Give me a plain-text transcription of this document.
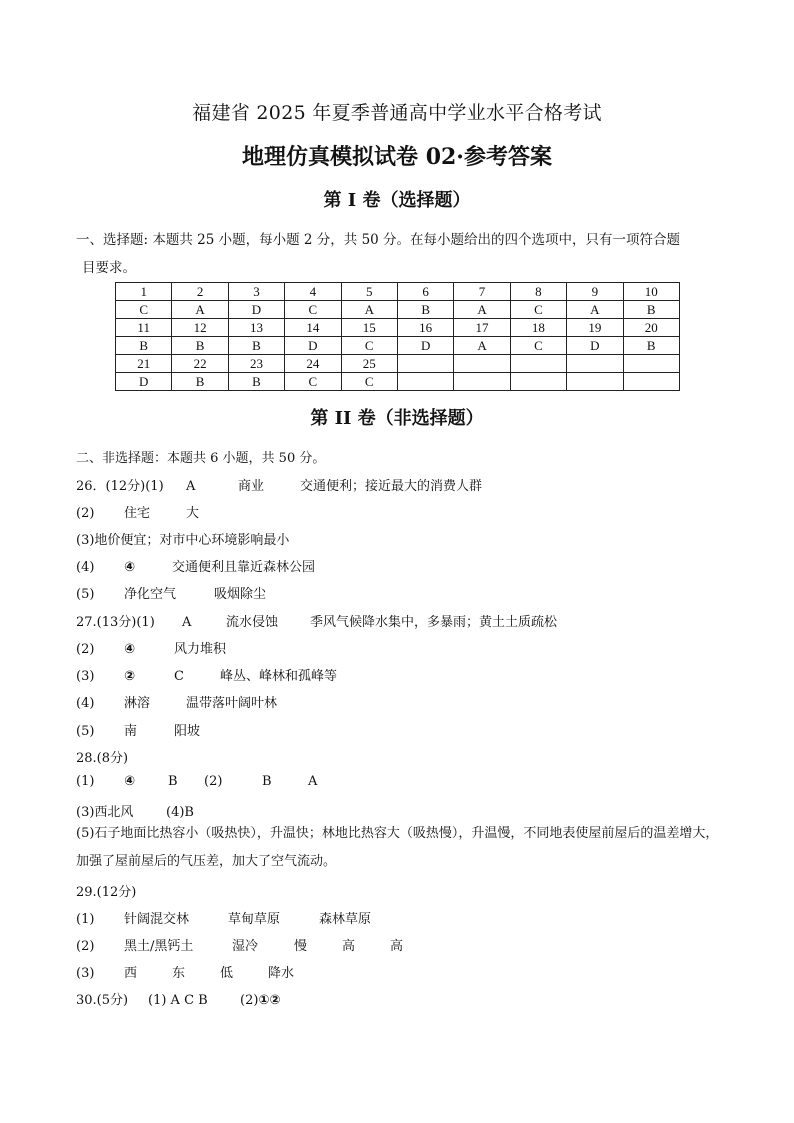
福建省 2025 年夏季普通高中学业水平合格考试
地理仿真模拟试卷 02·参考答案
第 I 卷（选择题）
一、选择题: 本题共 25 小题，每小题 2 分，共 50 分。在每小题给出的四个选项中，只有一项符合题
目要求。
1	2	3	4	5	6	7	8	9	10
C	A	D	C	A	B	A	C	A	B
11	12	13	14	15	16	17	18	19	20
B	B	B	D	C	D	A	C	D	B
21	22	23	24	25					
D	B	B	C	C					
第 II 卷（非选择题）
二、非选择题：本题共 6 小题，共 50 分。
26．(12分)(1) A	商业	交通便利；接近最大的消费人群
(2) 住宅	大
(3)地价便宜；对市中心环境影响最小
(4) ④	交通便利且靠近森林公园
(5) 净化空气	吸烟除尘
27.(13分)(1) A	流水侵蚀 季风气候降水集中，多暴雨；黄土土质疏松
(2) ④	风力堆积
(3) ②	C	峰丛、峰林和孤峰等
(4) 淋溶	温带落叶阔叶林
(5) 南	阳坡
28.(8分)
(1) ④	B (2)	B	A
(3)西北风	(4)B
(5)石子地面比热容小（吸热快），升温快；林地比热容大（吸热慢），升温慢，不同地表使屋前屋后的温差增大，加强了屋前屋后的气压差，加大了空气流动。
29.(12分)
(1) 针阔混交林	草甸草原	森林草原
(2) 黑土/黑钙土	湿冷	慢	高	高
(3) 西	东	低	降水
30.(5分) (1) A C B (2)①②
